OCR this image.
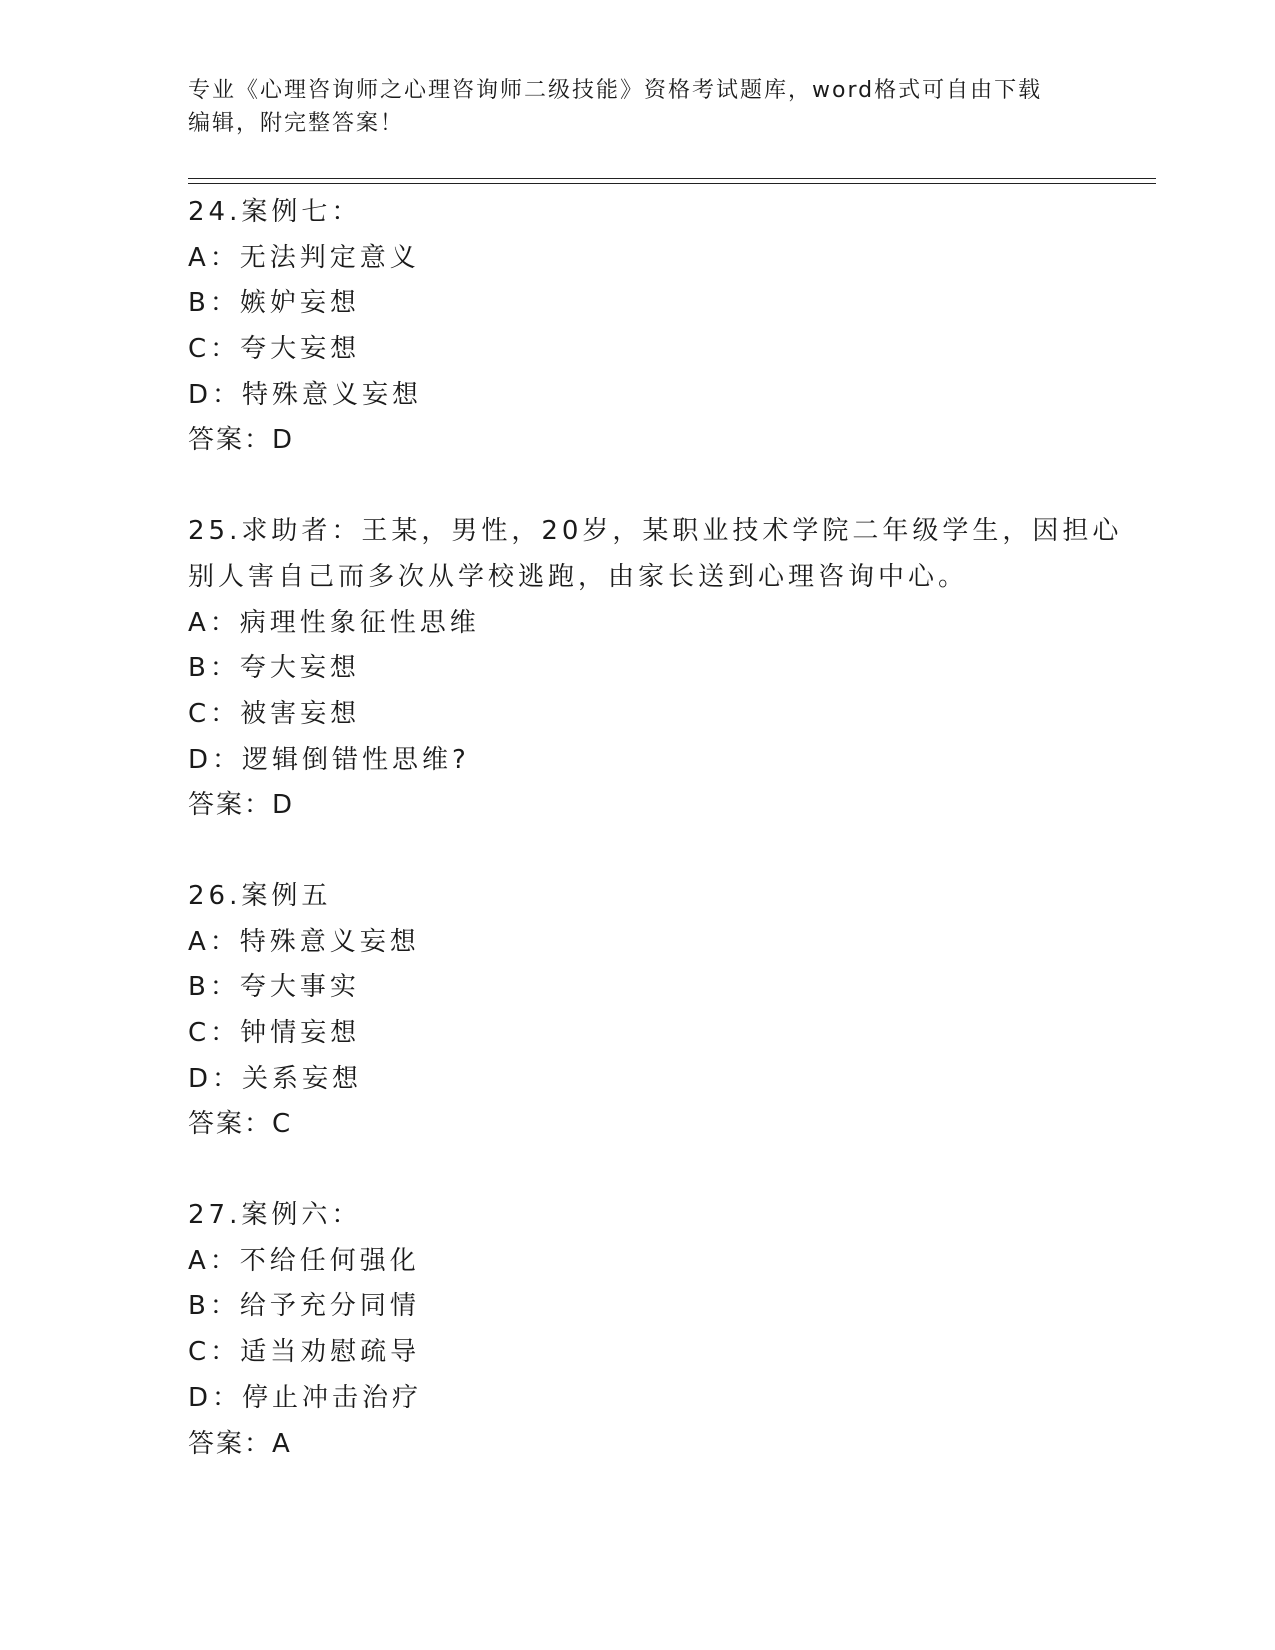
专业《心理咨询师之心理咨询师二级技能》资格考试题库，word格式可自由下载
编辑，附完整答案！
24.案例七：
A：无法判定意义
B：嫉妒妄想
C：夸大妄想
D：特殊意义妄想
答案：D
25.求助者：王某，男性，20岁，某职业技术学院二年级学生，因担心
别人害自己而多次从学校逃跑，由家长送到心理咨询中心。
A：病理性象征性思维
B：夸大妄想
C：被害妄想
D：逻辑倒错性思维?
答案：D
26.案例五
A：特殊意义妄想
B：夸大事实
C：钟情妄想
D：关系妄想
答案：C
27.案例六：
A：不给任何强化
B：给予充分同情
C：适当劝慰疏导
D：停止冲击治疗
答案：A
